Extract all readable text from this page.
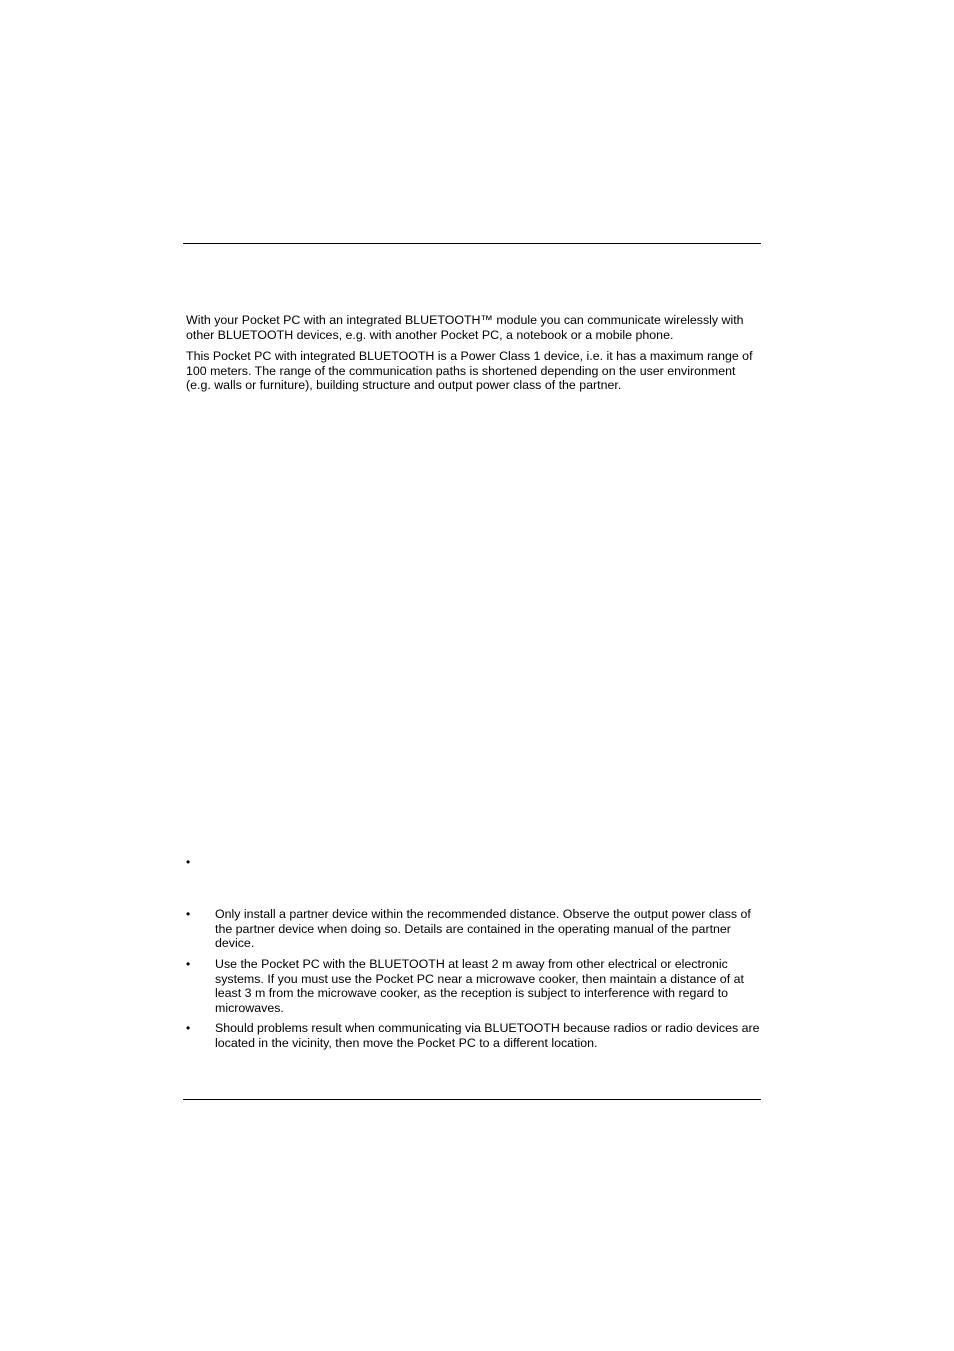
With your Pocket PC with an integrated BLUETOOTH™ module you can communicate wirelessly with other BLUETOOTH devices, e.g. with another Pocket PC, a notebook or a mobile phone.

This Pocket PC with integrated BLUETOOTH is a Power Class 1 device, i.e. it has a maximum range of 100 meters. The range of the communication paths is shortened depending on the user environment (e.g. walls or furniture), building structure and output power class of the partner.

•
• Only install a partner device within the recommended distance. Observe the output power class of the partner device when doing so. Details are contained in the operating manual of the partner device.

• Use the Pocket PC with the BLUETOOTH at least 2 m away from other electrical or electronic systems. If you must use the Pocket PC near a microwave cooker, then maintain a distance of at least 3 m from the microwave cooker, as the reception is subject to interference with regard to microwaves.

• Should problems result when communicating via BLUETOOTH because radios or radio devices are located in the vicinity, then move the Pocket PC to a different location.
